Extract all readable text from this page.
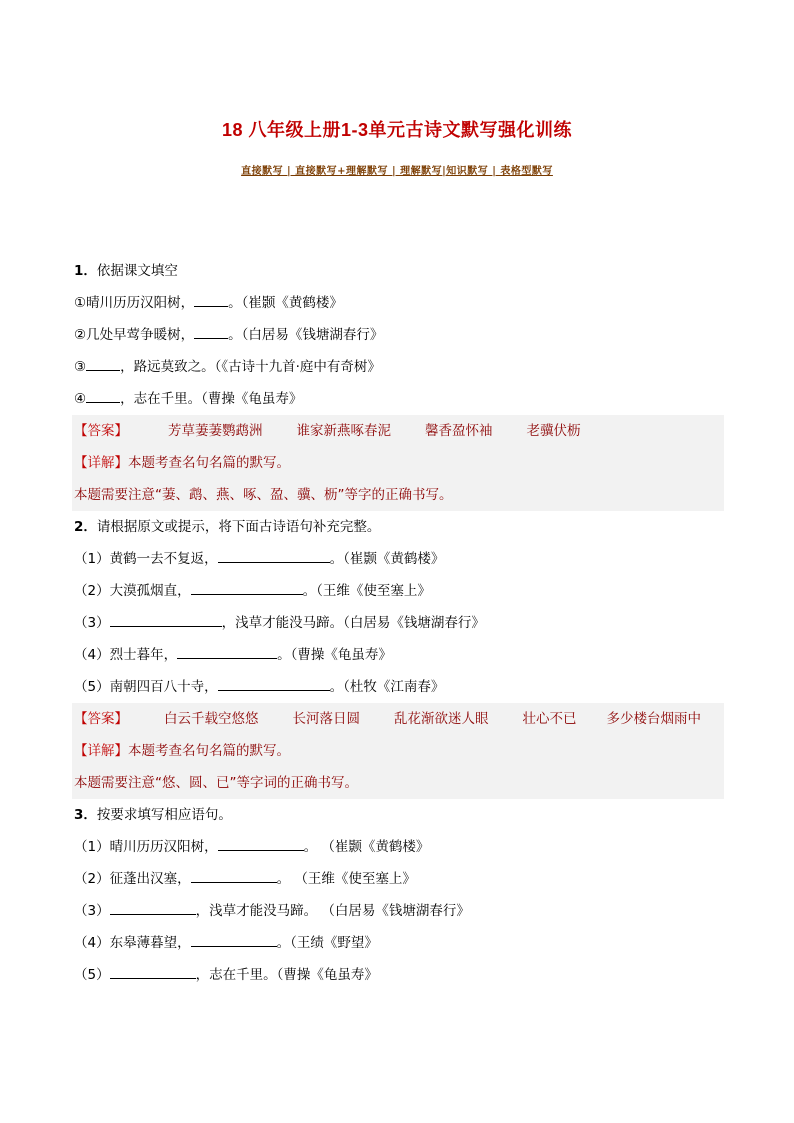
18 八年级上册1-3单元古诗文默写强化训练
直接默写 | 直接默写+理解默写 | 理解默写|知识默写 | 表格型默写
1．依据课文填空
①晴川历历汉阳树，	。（崔颢《黄鹤楼》
②几处早莺争暖树，	。（白居易《钱塘湖春行》
③	，路远莫致之。（《古诗十九首·庭中有奇树》
④	，志在千里。（曹操《龟虽寿》
【答案】	芳草萋萋鹦鹉洲	谁家新燕啄春泥	馨香盈怀袖	老骥伏枥
【详解】本题考查名句名篇的默写。
本题需要注意“萋、鹉、燕、啄、盈、骥、枥”等字的正确书写。
2．请根据原文或提示，将下面古诗语句补充完整。
（1）黄鹤一去不复返，	。（崔颢《黄鹤楼》
（2）大漠孤烟直，	。（王维《使至塞上》
（3）	，浅草才能没马蹄。（白居易《钱塘湖春行》
（4）烈士暮年，	。（曹操《龟虽寿》
（5）南朝四百八十寺，	。（杜牧《江南春》
【答案】	白云千载空悠悠	长河落日圆	乱花渐欲迷人眼	壮心不已 多少楼台烟雨中
【详解】本题考查名句名篇的默写。
本题需要注意“悠、圆、已”等字词的正确书写。
3．按要求填写相应语句。
（1）晴川历历汉阳树，	。 （崔颢《黄鹤楼》
（2）征蓬出汉塞，	。 （王维《使至塞上》
（3）	，浅草才能没马蹄。 （白居易《钱塘湖春行》
（4）东皋薄暮望，	。（王绩《野望》
（5）	，志在千里。（曹操《龟虽寿》
